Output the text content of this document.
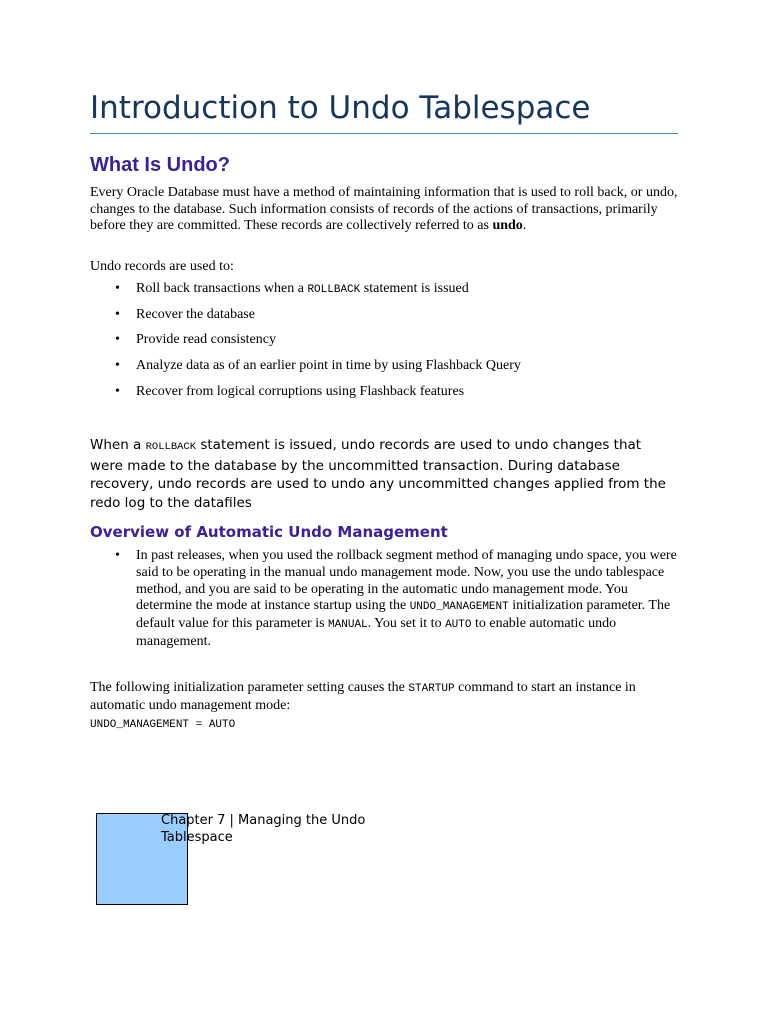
Introduction to Undo Tablespace
What Is Undo?

Every Oracle Database must have a method of maintaining information that is used to roll back, or undo, changes to the database. Such information consists of records of the actions of transactions, primarily before they are committed. These records are collectively referred to as undo.

Undo records are used to:

• Roll back transactions when a ROLLBACK statement is issued
• Recover the database
• Provide read consistency
• Analyze data as of an earlier point in time by using Flashback Query
• Recover from logical corruptions using Flashback features

When a ROLLBACK statement is issued, undo records are used to undo changes that were made to the database by the uncommitted transaction. During database recovery, undo records are used to undo any uncommitted changes applied from the redo log to the datafiles

Overview of Automatic Undo Management
• In past releases, when you used the rollback segment method of managing undo space, you were said to be operating in the manual undo management mode. Now, you use the undo tablespace method, and you are said to be operating in the automatic undo management mode. You determine the mode at instance startup using the UNDO_MANAGEMENT initialization parameter. The default value for this parameter is MANUAL. You set it to AUTO to enable automatic undo management.

The following initialization parameter setting causes the STARTUP command to start an instance in automatic undo management mode:

UNDO_MANAGEMENT = AUTO

Chapter 7 | Managing the Undo Tablespace
